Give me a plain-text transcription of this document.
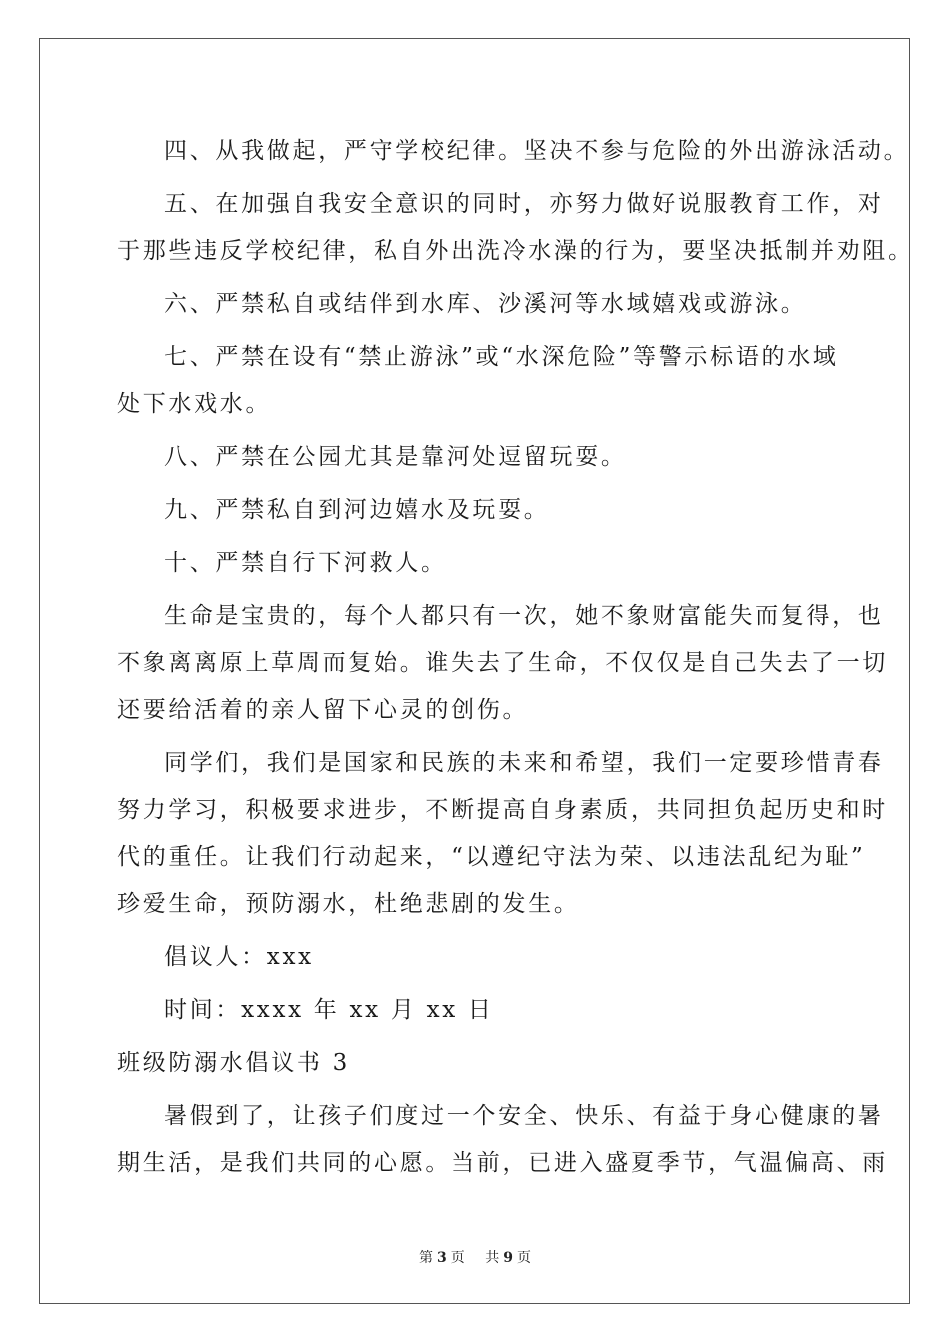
四、从我做起，严守学校纪律。坚决不参与危险的外出游泳活动。

五、在加强自我安全意识的同时，亦努力做好说服教育工作，对

于那些违反学校纪律，私自外出洗冷水澡的行为，要坚决抵制并劝阻。

六、严禁私自或结伴到水库、沙溪河等水域嬉戏或游泳。

七、严禁在设有“禁止游泳”或“水深危险”等警示标语的水域

处下水戏水。

八、严禁在公园尤其是靠河处逗留玩耍。

九、严禁私自到河边嬉水及玩耍。

十、严禁自行下河救人。

生命是宝贵的，每个人都只有一次，她不象财富能失而复得，也

不象离离原上草周而复始。谁失去了生命，不仅仅是自己失去了一切

还要给活着的亲人留下心灵的创伤。

同学们，我们是国家和民族的未来和希望，我们一定要珍惜青春

努力学习，积极要求进步，不断提高自身素质，共同担负起历史和时

代的重任。让我们行动起来，“以遵纪守法为荣、以违法乱纪为耻”

珍爱生命，预防溺水，杜绝悲剧的发生。

倡议人：xxx

时间：xxxx 年 xx 月 xx 日

班级防溺水倡议书 3

暑假到了，让孩子们度过一个安全、快乐、有益于身心健康的暑

期生活，是我们共同的心愿。当前，已进入盛夏季节，气温偏高、雨

第 3 页 共 9 页
